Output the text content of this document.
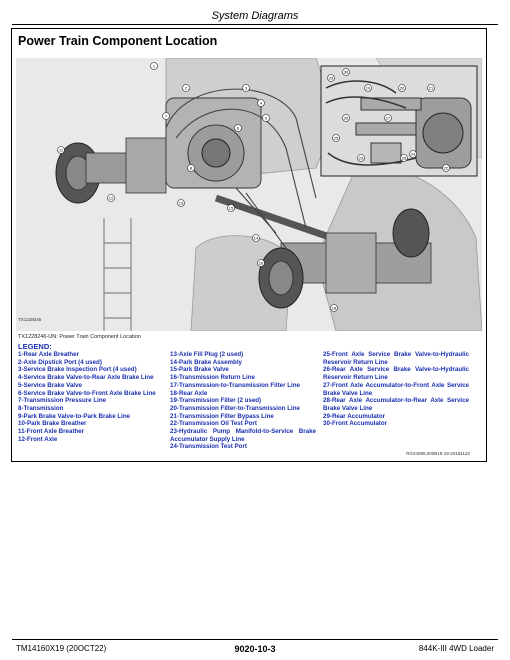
System Diagrams
Power Train Component Location
1
2	3
4
5
6
7
8
11
12
13
14
15
16
18
19	20	21
22
23
24
25
26	27
28
29
30
TX1228246
TX1228246-UN: Power Train Component Location
LEGEND:
1-Rear Axle Breather
2-Axle Dipstick Port (4 used)
3-Service Brake Inspection Port (4 used)
4-Service Brake Valve-to-Rear Axle Brake Line
5-Service Brake Valve
6-Service Brake Valve-to-Front Axle Brake Line
7-Transmission Pressure Line
8-Transmission
9-Park Brake Valve-to-Park Brake Line
10-Park Brake Breather
11-Front Axle Breather
12-Front Axle
13-Axle Fill Plug (2 used)
14-Park Brake Assembly
15-Park Brake Valve
16-Transmission Return Line
17-Transmission-to-Transmission Filter Line
18-Rear Axle
19-Transmission Filter (2 used)
20-Transmission Filter-to-Transmission Line
21-Transmission Filter Bypass Line
22-Transmission Oil Test Port
23-Hydraulic Pump Manifold-to-Service Brake Accumulator Supply Line
24-Transmission Test Port
25-Front Axle Service Brake Valve-to-Hydraulic Reservoir Return Line
26-Rear Axle Service Brake Valve-to-Hydraulic Reservoir Return Line
27-Front Axle Accumulator-to-Front Axle Service Brake Valve Line
28-Rear Axle Accumulator-to-Rear Axle Service Brake Valve Line
29-Rear Accumulator
30-Front Accumulator
RG24095,000B19-19-20181122
TM14160X19 (20OCT22)	9020-10-3	844K-III 4WD Loader
